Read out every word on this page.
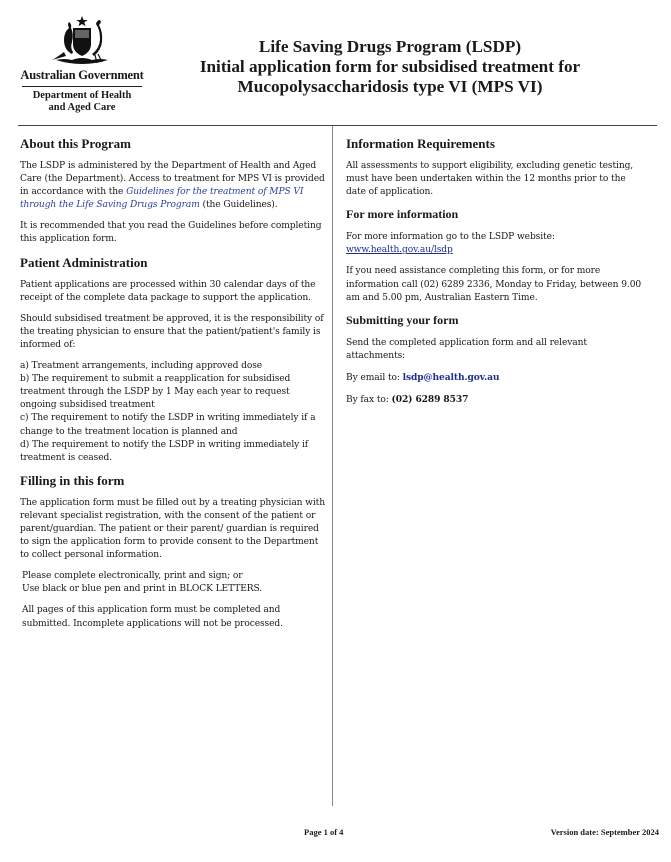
Australian Government
Department of Health
and Aged Care
Life Saving Drugs Program (LSDP)
Initial application form for subsidised treatment for
Mucopolysaccharidosis type VI (MPS VI)
About this Program

The LSDP is administered by the Department of Health and Aged Care (the Department). Access to treatment for MPS VI is provided in accordance with the Guidelines for the treatment of MPS VI through the Life Saving Drugs Program (the Guidelines).

It is recommended that you read the Guidelines before completing this application form.

Patient Administration

Patient applications are processed within 30 calendar days of the receipt of the complete data package to support the application.

Should subsidised treatment be approved, it is the responsibility of the treating physician to ensure that the patient/patient's family is informed of:

a) Treatment arrangements, including approved dose
b) The requirement to submit a reapplication for subsidised treatment through the LSDP by 1 May each year to request ongoing subsidised treatment
c) The requirement to notify the LSDP in writing immediately if a change to the treatment location is planned and
d) The requirement to notify the LSDP in writing immediately if treatment is ceased.
Filling in this form

The application form must be filled out by a treating physician with relevant specialist registration, with the consent of the patient or parent/guardian. The patient or their parent/ guardian is required to sign the application form to provide consent to the Department to collect personal information.

Please complete electronically, print and sign; or

Use black or blue pen and print in BLOCK LETTERS.

All pages of this application form must be completed and submitted. Incomplete applications will not be processed.

Information Requirements

All assessments to support eligibility, excluding genetic testing, must have been undertaken within the 12 months prior to the date of application.

For more information

For more information go to the LSDP website:

www.health.gov.au/lsdp

If you need assistance completing this form, or for more information call (02) 6289 2336, Monday to Friday, between 9.00 am and 5.00 pm, Australian Eastern Time.

Submitting your form

Send the completed application form and all relevant attachments:

By email to: lsdp@health.gov.au

By fax to: (02) 6289 8537

Page 1 of 4	Version date: September 2024
